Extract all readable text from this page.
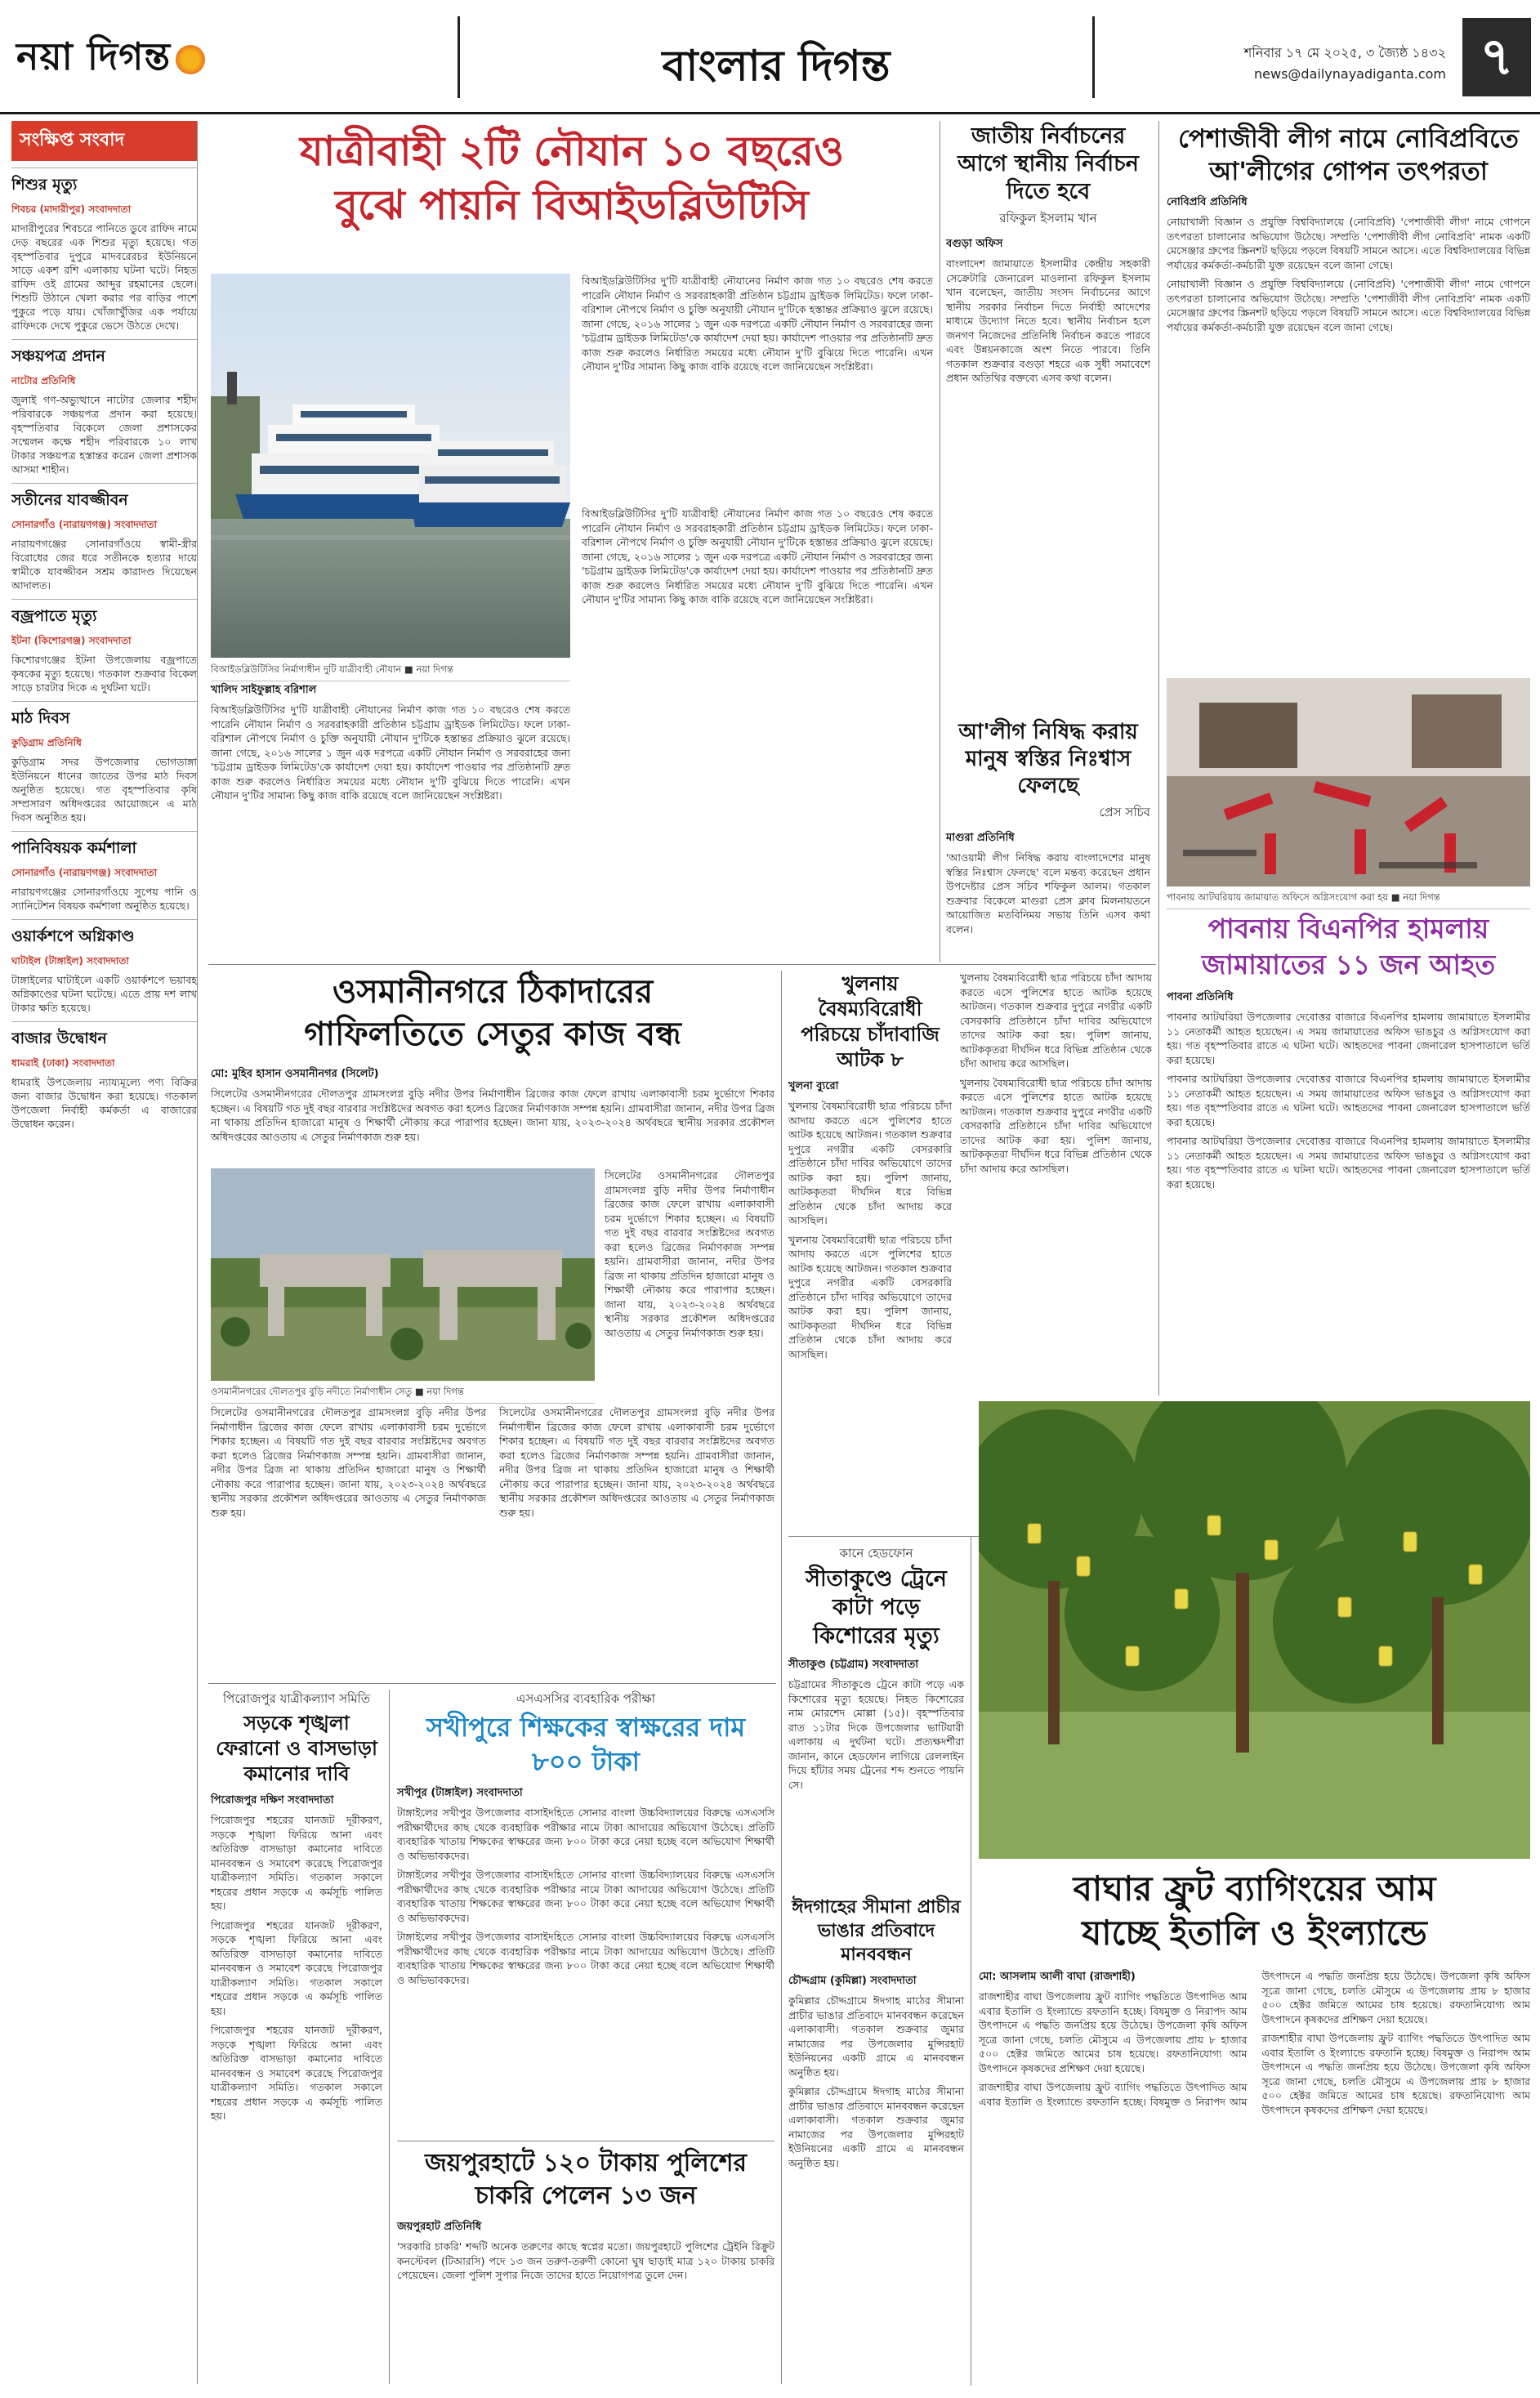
নয়া দিগন্ত	বাংলার দিগন্ত	শনিবার ১৭ মে ২০২৫, ৩ জ্যৈষ্ঠ ১৪৩২
news@dailynayadiganta.com ৭
সংক্ষিপ্ত সংবাদ
শিশুর মৃত্যু
শিবচর (মাদারীপুর) সংবাদদাতা
মাদারীপুরের শিবচরে পানিতে ডুবে রাফিদ নামে দেড় বছরের এক শিশুর মৃত্যু হয়েছে। গত বৃহস্পতিবার দুপুরে মাদবরেরচর ইউনিয়নে সাড়ে একশ রশি এলাকায় ঘটনা ঘটে। নিহত রাফিদ ওই গ্রামের আব্দুর রহমানের ছেলে। শিশুটি উঠানে খেলা করার পর বাড়ির পাশে পুকুরে পড়ে যায়। খোঁজাখুঁজির এক পর্যায়ে রাফিদকে দেখে পুকুরে ভেসে উঠতে দেখে।
সঞ্চয়পত্র প্রদান
নাটোর প্রতিনিধি
জুলাই গণ-অভ্যুত্থানে নাটোর জেলার শহীদ পরিবারকে সঞ্চয়পত্র প্রদান করা হয়েছে। বৃহস্পতিবার বিকেলে জেলা প্রশাসকের সম্মেলন কক্ষে শহীদ পরিবারকে ১০ লাখ টাকার সঞ্চয়পত্র হস্তান্তর করেন জেলা প্রশাসক আসমা শাহীন।
সতীনের যাবজ্জীবন
সোনারগাঁও (নারায়ণগঞ্জ) সংবাদদাতা
নারায়ণগঞ্জের সোনারগাঁওয়ে স্বামী-স্ত্রীর বিরোধের জের ধরে সতীনকে হত্যার দায়ে স্বামীকে যাবজ্জীবন সশ্রম কারাদণ্ড দিয়েছেন আদালত।
বজ্রপাতে মৃত্যু
ইটনা (কিশোরগঞ্জ) সংবাদদাতা
কিশোরগঞ্জের ইটনা উপজেলায় বজ্রপাতে কৃষকের মৃত্যু হয়েছে। গতকাল শুক্রবার বিকেল সাড়ে চারটার দিকে এ দুর্ঘটনা ঘটে।
মাঠ দিবস
কুড়িগ্রাম প্রতিনিধি
কুড়িগ্রাম সদর উপজেলার ভোগডাঙ্গা ইউনিয়নে ধানের জাতের উপর মাঠ দিবস অনুষ্ঠিত হয়েছে। গত বৃহস্পতিবার কৃষি সম্প্রসারণ অধিদপ্তরের আয়োজনে এ মাঠ দিবস অনুষ্ঠিত হয়।
পানিবিষয়ক কর্মশালা
সোনারগাঁও (নারায়ণগঞ্জ) সংবাদদাতা
নারায়ণগঞ্জের সোনারগাঁওয়ে সুপেয় পানি ও স্যানিটেশন বিষয়ক কর্মশালা অনুষ্ঠিত হয়েছে।
ওয়ার্কশপে অগ্নিকাণ্ড
ঘাটাইল (টাঙ্গাইল) সংবাদদাতা
টাঙ্গাইলের ঘাটাইলে একটি ওয়ার্কশপে ভয়াবহ অগ্নিকাণ্ডের ঘটনা ঘটেছে। এতে প্রায় দশ লাখ টাকার ক্ষতি হয়েছে।
বাজার উদ্বোধন
ধামরাই (ঢাকা) সংবাদদাতা
ধামরাই উপজেলায় ন্যায্যমূল্যে পণ্য বিক্রির জন্য বাজার উদ্বোধন করা হয়েছে। গতকাল উপজেলা নির্বাহী কর্মকর্তা এ বাজারের উদ্বোধন করেন।
যাত্রীবাহী ২টি নৌযান ১০ বছরেও
বুঝে পায়নি বিআইডব্লিউটিসি
বিআইডব্লিউটিসির নির্মাণাধীন দুটি যাত্রীবাহী নৌযান ■ নয়া দিগন্ত
খালিদ সাইফুল্লাহ বরিশাল
বিআইডব্লিউটিসির দু'টি যাত্রীবাহী নৌযানের নির্মাণ কাজ গত ১০ বছরেও শেষ করতে পারেনি নৌযান নির্মাণ ও সরবরাহকারী প্রতিষ্ঠান চট্টগ্রাম ড্রাইডক লিমিটেড। ফলে ঢাকা-বরিশাল নৌপথে নির্মাণ ও চুক্তি অনুযায়ী নৌযান দু'টিকে হস্তান্তর প্রক্রিয়াও ঝুলে রয়েছে। জানা গেছে, ২০১৬ সালের ১ জুন এক দরপত্রে একটি নৌযান নির্মাণ ও সরবরাহের জন্য 'চট্টগ্রাম ড্রাইডক লিমিটেড'কে কার্যাদেশ দেয়া হয়। কার্যাদেশ পাওয়ার পর প্রতিষ্ঠানটি দ্রুত কাজ শুরু করলেও নির্ধারিত সময়ের মধ্যে নৌযান দু'টি বুঝিয়ে দিতে পারেনি। এখন নৌযান দু'টির সামান্য কিছু কাজ বাকি রয়েছে বলে জানিয়েছেন সংশ্লিষ্টরা।
বিআইডব্লিউটিসির দু'টি যাত্রীবাহী নৌযানের নির্মাণ কাজ গত ১০ বছরেও শেষ করতে পারেনি নৌযান নির্মাণ ও সরবরাহকারী প্রতিষ্ঠান চট্টগ্রাম ড্রাইডক লিমিটেড। ফলে ঢাকা-বরিশাল নৌপথে নির্মাণ ও চুক্তি অনুযায়ী নৌযান দু'টিকে হস্তান্তর প্রক্রিয়াও ঝুলে রয়েছে। জানা গেছে, ২০১৬ সালের ১ জুন এক দরপত্রে একটি নৌযান নির্মাণ ও সরবরাহের জন্য 'চট্টগ্রাম ড্রাইডক লিমিটেড'কে কার্যাদেশ দেয়া হয়। কার্যাদেশ পাওয়ার পর প্রতিষ্ঠানটি দ্রুত কাজ শুরু করলেও নির্ধারিত সময়ের মধ্যে নৌযান দু'টি বুঝিয়ে দিতে পারেনি। এখন নৌযান দু'টির সামান্য কিছু কাজ বাকি রয়েছে বলে জানিয়েছেন সংশ্লিষ্টরা।
বিআইডব্লিউটিসির দু'টি যাত্রীবাহী নৌযানের নির্মাণ কাজ গত ১০ বছরেও শেষ করতে পারেনি নৌযান নির্মাণ ও সরবরাহকারী প্রতিষ্ঠান চট্টগ্রাম ড্রাইডক লিমিটেড। ফলে ঢাকা-বরিশাল নৌপথে নির্মাণ ও চুক্তি অনুযায়ী নৌযান দু'টিকে হস্তান্তর প্রক্রিয়াও ঝুলে রয়েছে। জানা গেছে, ২০১৬ সালের ১ জুন এক দরপত্রে একটি নৌযান নির্মাণ ও সরবরাহের জন্য 'চট্টগ্রাম ড্রাইডক লিমিটেড'কে কার্যাদেশ দেয়া হয়। কার্যাদেশ পাওয়ার পর প্রতিষ্ঠানটি দ্রুত কাজ শুরু করলেও নির্ধারিত সময়ের মধ্যে নৌযান দু'টি বুঝিয়ে দিতে পারেনি। এখন নৌযান দু'টির সামান্য কিছু কাজ বাকি রয়েছে বলে জানিয়েছেন সংশ্লিষ্টরা।
জাতীয় নির্বাচনের আগে স্থানীয় নির্বাচন দিতে হবে
রফিকুল ইসলাম খান
বগুড়া অফিস
বাংলাদেশ জামায়াতে ইসলামীর কেন্দ্রীয় সহকারী সেক্রেটারি জেনারেল মাওলানা রফিকুল ইসলাম খান বলেছেন, জাতীয় সংসদ নির্বাচনের আগে স্থানীয় সরকার নির্বাচন দিতে নির্বাহী আদেশের মাধ্যমে উদ্যোগ নিতে হবে। স্থানীয় নির্বাচন হলে জনগণ নিজেদের প্রতিনিধি নির্বাচন করতে পারবে এবং উন্নয়নকাজে অংশ নিতে পারবে। তিনি গতকাল শুক্রবার বগুড়া শহরে এক সুধী সমাবেশে প্রধান অতিথির বক্তব্যে এসব কথা বলেন।
আ'লীগ নিষিদ্ধ করায় মানুষ স্বস্তির নিঃশ্বাস ফেলছে
প্রেস সচিব
মাগুরা প্রতিনিধি
'আওয়ামী লীগ নিষিদ্ধ করায় বাংলাদেশের মানুষ স্বস্তির নিঃশ্বাস ফেলছে' বলে মন্তব্য করেছেন প্রধান উপদেষ্টার প্রেস সচিব শফিকুল আলম। গতকাল শুক্রবার বিকেলে মাগুরা প্রেস ক্লাব মিলনায়তনে আয়োজিত মতবিনিময় সভায় তিনি এসব কথা বলেন।
পেশাজীবী লীগ নামে নোবিপ্রবিতে আ'লীগের গোপন তৎপরতা
নোবিপ্রবি প্রতিনিধি
নোয়াখালী বিজ্ঞান ও প্রযুক্তি বিশ্ববিদ্যালয়ে (নোবিপ্রবি) 'পেশাজীবী লীগ' নামে গোপনে তৎপরতা চালানোর অভিযোগ উঠেছে। সম্প্রতি 'পেশাজীবী লীগ নোবিপ্রবি' নামক একটি মেসেঞ্জার গ্রুপের স্ক্রিনশট ছড়িয়ে পড়লে বিষয়টি সামনে আসে। এতে বিশ্ববিদ্যালয়ের বিভিন্ন পর্যায়ের কর্মকর্তা-কর্মচারী যুক্ত রয়েছেন বলে জানা গেছে।
নোয়াখালী বিজ্ঞান ও প্রযুক্তি বিশ্ববিদ্যালয়ে (নোবিপ্রবি) 'পেশাজীবী লীগ' নামে গোপনে তৎপরতা চালানোর অভিযোগ উঠেছে। সম্প্রতি 'পেশাজীবী লীগ নোবিপ্রবি' নামক একটি মেসেঞ্জার গ্রুপের স্ক্রিনশট ছড়িয়ে পড়লে বিষয়টি সামনে আসে। এতে বিশ্ববিদ্যালয়ের বিভিন্ন পর্যায়ের কর্মকর্তা-কর্মচারী যুক্ত রয়েছেন বলে জানা গেছে।
পাবনায় আটঘরিয়ায় জামায়াত অফিসে অগ্নিসংযোগ করা হয় ■ নয়া দিগন্ত
পাবনায় বিএনপির হামলায় জামায়াতের ১১ জন আহত
পাবনা প্রতিনিধি
পাবনার আটঘরিয়া উপজেলার দেবোত্তর বাজারে বিএনপির হামলায় জামায়াতে ইসলামীর ১১ নেতাকর্মী আহত হয়েছেন। এ সময় জামায়াতের অফিস ভাঙচুর ও অগ্নিসংযোগ করা হয়। গত বৃহস্পতিবার রাতে এ ঘটনা ঘটে। আহতদের পাবনা জেনারেল হাসপাতালে ভর্তি করা হয়েছে।
পাবনার আটঘরিয়া উপজেলার দেবোত্তর বাজারে বিএনপির হামলায় জামায়াতে ইসলামীর ১১ নেতাকর্মী আহত হয়েছেন। এ সময় জামায়াতের অফিস ভাঙচুর ও অগ্নিসংযোগ করা হয়। গত বৃহস্পতিবার রাতে এ ঘটনা ঘটে। আহতদের পাবনা জেনারেল হাসপাতালে ভর্তি করা হয়েছে।
পাবনার আটঘরিয়া উপজেলার দেবোত্তর বাজারে বিএনপির হামলায় জামায়াতে ইসলামীর ১১ নেতাকর্মী আহত হয়েছেন। এ সময় জামায়াতের অফিস ভাঙচুর ও অগ্নিসংযোগ করা হয়। গত বৃহস্পতিবার রাতে এ ঘটনা ঘটে। আহতদের পাবনা জেনারেল হাসপাতালে ভর্তি করা হয়েছে।
ওসমানীনগরে ঠিকাদারের
গাফিলতিতে সেতুর কাজ বন্ধ
মো: মুহিব হাসান ওসমানীনগর (সিলেট)
সিলেটের ওসমানীনগরের দৌলতপুর গ্রামসংলগ্ন বুড়ি নদীর উপর নির্মাণাধীন ব্রিজের কাজ ফেলে রাখায় এলাকাবাসী চরম দুর্ভোগে শিকার হচ্ছেন। এ বিষয়টি গত দুই বছর বারবার সংশ্লিষ্টদের অবগত করা হলেও ব্রিজের নির্মাণকাজ সম্পন্ন হয়নি। গ্রামবাসীরা জানান, নদীর উপর ব্রিজ না থাকায় প্রতিদিন হাজারো মানুষ ও শিক্ষার্থী নৌকায় করে পারাপার হচ্ছেন। জানা যায়, ২০২৩-২০২৪ অর্থবছরে স্থানীয় সরকার প্রকৌশল অধিদপ্তরের আওতায় এ সেতুর নির্মাণকাজ শুরু হয়।
ওসমানীনগরের দৌলতপুর বুড়ি নদীতে নির্মাণাধীন সেতু ■ নয়া দিগন্ত
সিলেটের ওসমানীনগরের দৌলতপুর গ্রামসংলগ্ন বুড়ি নদীর উপর নির্মাণাধীন ব্রিজের কাজ ফেলে রাখায় এলাকাবাসী চরম দুর্ভোগে শিকার হচ্ছেন। এ বিষয়টি গত দুই বছর বারবার সংশ্লিষ্টদের অবগত করা হলেও ব্রিজের নির্মাণকাজ সম্পন্ন হয়নি। গ্রামবাসীরা জানান, নদীর উপর ব্রিজ না থাকায় প্রতিদিন হাজারো মানুষ ও শিক্ষার্থী নৌকায় করে পারাপার হচ্ছেন। জানা যায়, ২০২৩-২০২৪ অর্থবছরে স্থানীয় সরকার প্রকৌশল অধিদপ্তরের আওতায় এ সেতুর নির্মাণকাজ শুরু হয়।
সিলেটের ওসমানীনগরের দৌলতপুর গ্রামসংলগ্ন বুড়ি নদীর উপর নির্মাণাধীন ব্রিজের কাজ ফেলে রাখায় এলাকাবাসী চরম দুর্ভোগে শিকার হচ্ছেন। এ বিষয়টি গত দুই বছর বারবার সংশ্লিষ্টদের অবগত করা হলেও ব্রিজের নির্মাণকাজ সম্পন্ন হয়নি। গ্রামবাসীরা জানান, নদীর উপর ব্রিজ না থাকায় প্রতিদিন হাজারো মানুষ ও শিক্ষার্থী নৌকায় করে পারাপার হচ্ছেন। জানা যায়, ২০২৩-২০২৪ অর্থবছরে স্থানীয় সরকার প্রকৌশল অধিদপ্তরের আওতায় এ সেতুর নির্মাণকাজ শুরু হয়।
সিলেটের ওসমানীনগরের দৌলতপুর গ্রামসংলগ্ন বুড়ি নদীর উপর নির্মাণাধীন ব্রিজের কাজ ফেলে রাখায় এলাকাবাসী চরম দুর্ভোগে শিকার হচ্ছেন। এ বিষয়টি গত দুই বছর বারবার সংশ্লিষ্টদের অবগত করা হলেও ব্রিজের নির্মাণকাজ সম্পন্ন হয়নি। গ্রামবাসীরা জানান, নদীর উপর ব্রিজ না থাকায় প্রতিদিন হাজারো মানুষ ও শিক্ষার্থী নৌকায় করে পারাপার হচ্ছেন। জানা যায়, ২০২৩-২০২৪ অর্থবছরে স্থানীয় সরকার প্রকৌশল অধিদপ্তরের আওতায় এ সেতুর নির্মাণকাজ শুরু হয়।
খুলনায় বৈষম্যবিরোধী পরিচয়ে চাঁদাবাজি আটক ৮
খুলনা ব্যুরো
খুলনায় বৈষম্যবিরোধী ছাত্র পরিচয়ে চাঁদা আদায় করতে এসে পুলিশের হাতে আটক হয়েছে আটজন। গতকাল শুক্রবার দুপুরে নগরীর একটি বেসরকারি প্রতিষ্ঠানে চাঁদা দাবির অভিযোগে তাদের আটক করা হয়। পুলিশ জানায়, আটককৃতরা দীর্ঘদিন ধরে বিভিন্ন প্রতিষ্ঠান থেকে চাঁদা আদায় করে আসছিল।
খুলনায় বৈষম্যবিরোধী ছাত্র পরিচয়ে চাঁদা আদায় করতে এসে পুলিশের হাতে আটক হয়েছে আটজন। গতকাল শুক্রবার দুপুরে নগরীর একটি বেসরকারি প্রতিষ্ঠানে চাঁদা দাবির অভিযোগে তাদের আটক করা হয়। পুলিশ জানায়, আটককৃতরা দীর্ঘদিন ধরে বিভিন্ন প্রতিষ্ঠান থেকে চাঁদা আদায় করে আসছিল।
খুলনায় বৈষম্যবিরোধী ছাত্র পরিচয়ে চাঁদা আদায় করতে এসে পুলিশের হাতে আটক হয়েছে আটজন। গতকাল শুক্রবার দুপুরে নগরীর একটি বেসরকারি প্রতিষ্ঠানে চাঁদা দাবির অভিযোগে তাদের আটক করা হয়। পুলিশ জানায়, আটককৃতরা দীর্ঘদিন ধরে বিভিন্ন প্রতিষ্ঠান থেকে চাঁদা আদায় করে আসছিল।
খুলনায় বৈষম্যবিরোধী ছাত্র পরিচয়ে চাঁদা আদায় করতে এসে পুলিশের হাতে আটক হয়েছে আটজন। গতকাল শুক্রবার দুপুরে নগরীর একটি বেসরকারি প্রতিষ্ঠানে চাঁদা দাবির অভিযোগে তাদের আটক করা হয়। পুলিশ জানায়, আটককৃতরা দীর্ঘদিন ধরে বিভিন্ন প্রতিষ্ঠান থেকে চাঁদা আদায় করে আসছিল।
কানে হেডফোন
সীতাকুণ্ডে ট্রেনে কাটা পড়ে কিশোরের মৃত্যু
সীতাকুণ্ড (চট্টগ্রাম) সংবাদদাতা
চট্টগ্রামের সীতাকুণ্ডে ট্রেনে কাটা পড়ে এক কিশোরের মৃত্যু হয়েছে। নিহত কিশোরের নাম মোরশেদ মোল্লা (১৫)। বৃহস্পতিবার রাত ১১টার দিকে উপজেলার ভাটিয়ারী এলাকায় এ দুর্ঘটনা ঘটে। প্রত্যক্ষদর্শীরা জানান, কানে হেডফোন লাগিয়ে রেললাইন দিয়ে হাঁটার সময় ট্রেনের শব্দ শুনতে পায়নি সে।
ঈদগাহের সীমানা প্রাচীর ভাঙার প্রতিবাদে মানববন্ধন
চৌদ্দগ্রাম (কুমিল্লা) সংবাদদাতা
কুমিল্লার চৌদ্দগ্রামে ঈদগাহ মাঠের সীমানা প্রাচীর ভাঙার প্রতিবাদে মানববন্ধন করেছেন এলাকাবাসী। গতকাল শুক্রবার জুমার নামাজের পর উপজেলার মুন্সিরহাট ইউনিয়নের একটি গ্রামে এ মানববন্ধন অনুষ্ঠিত হয়।
কুমিল্লার চৌদ্দগ্রামে ঈদগাহ মাঠের সীমানা প্রাচীর ভাঙার প্রতিবাদে মানববন্ধন করেছেন এলাকাবাসী। গতকাল শুক্রবার জুমার নামাজের পর উপজেলার মুন্সিরহাট ইউনিয়নের একটি গ্রামে এ মানববন্ধন অনুষ্ঠিত হয়।
বাঘার ফ্রুট ব্যাগিংয়ের আম
যাচ্ছে ইতালি ও ইংল্যান্ডে
মো: আসলাম আলী বাঘা (রাজশাহী)
রাজশাহীর বাঘা উপজেলায় ফ্রুট ব্যাগিং পদ্ধতিতে উৎপাদিত আম এবার ইতালি ও ইংল্যান্ডে রফতানি হচ্ছে। বিষমুক্ত ও নিরাপদ আম উৎপাদনে এ পদ্ধতি জনপ্রিয় হয়ে উঠেছে। উপজেলা কৃষি অফিস সূত্রে জানা গেছে, চলতি মৌসুমে এ উপজেলায় প্রায় ৮ হাজার ৫০০ হেক্টর জমিতে আমের চাষ হয়েছে। রফতানিযোগ্য আম উৎপাদনে কৃষকদের প্রশিক্ষণ দেয়া হয়েছে।
রাজশাহীর বাঘা উপজেলায় ফ্রুট ব্যাগিং পদ্ধতিতে উৎপাদিত আম এবার ইতালি ও ইংল্যান্ডে রফতানি হচ্ছে। বিষমুক্ত ও নিরাপদ আম উৎপাদনে এ পদ্ধতি জনপ্রিয় হয়ে উঠেছে। উপজেলা কৃষি অফিস সূত্রে জানা গেছে, চলতি মৌসুমে এ উপজেলায় প্রায় ৮ হাজার ৫০০ হেক্টর জমিতে আমের চাষ হয়েছে। রফতানিযোগ্য আম উৎপাদনে কৃষকদের প্রশিক্ষণ দেয়া হয়েছে।
রাজশাহীর বাঘা উপজেলায় ফ্রুট ব্যাগিং পদ্ধতিতে উৎপাদিত আম এবার ইতালি ও ইংল্যান্ডে রফতানি হচ্ছে। বিষমুক্ত ও নিরাপদ আম উৎপাদনে এ পদ্ধতি জনপ্রিয় হয়ে উঠেছে। উপজেলা কৃষি অফিস সূত্রে জানা গেছে, চলতি মৌসুমে এ উপজেলায় প্রায় ৮ হাজার ৫০০ হেক্টর জমিতে আমের চাষ হয়েছে। রফতানিযোগ্য আম উৎপাদনে কৃষকদের প্রশিক্ষণ দেয়া হয়েছে।
পিরোজপুর যাত্রীকল্যাণ সমিতি
সড়কে শৃঙ্খলা ফেরানো ও বাসভাড়া কমানোর দাবি
পিরোজপুর দক্ষিণ সংবাদদাতা
পিরোজপুর শহরের যানজট দূরীকরণ, সড়কে শৃঙ্খলা ফিরিয়ে আনা এবং অতিরিক্ত বাসভাড়া কমানোর দাবিতে মানববন্ধন ও সমাবেশ করেছে পিরোজপুর যাত্রীকল্যাণ সমিতি। গতকাল সকালে শহরের প্রধান সড়কে এ কর্মসূচি পালিত হয়।
পিরোজপুর শহরের যানজট দূরীকরণ, সড়কে শৃঙ্খলা ফিরিয়ে আনা এবং অতিরিক্ত বাসভাড়া কমানোর দাবিতে মানববন্ধন ও সমাবেশ করেছে পিরোজপুর যাত্রীকল্যাণ সমিতি। গতকাল সকালে শহরের প্রধান সড়কে এ কর্মসূচি পালিত হয়।
পিরোজপুর শহরের যানজট দূরীকরণ, সড়কে শৃঙ্খলা ফিরিয়ে আনা এবং অতিরিক্ত বাসভাড়া কমানোর দাবিতে মানববন্ধন ও সমাবেশ করেছে পিরোজপুর যাত্রীকল্যাণ সমিতি। গতকাল সকালে শহরের প্রধান সড়কে এ কর্মসূচি পালিত হয়।
এসএসসির ব্যবহারিক পরীক্ষা
সখীপুরে শিক্ষকের স্বাক্ষরের দাম ৮০০ টাকা
সখীপুর (টাঙ্গাইল) সংবাদদাতা
টাঙ্গাইলের সখীপুর উপজেলার বাসাইদহিতে সোনার বাংলা উচ্চবিদ্যালয়ের বিরুদ্ধে এসএসসি পরীক্ষার্থীদের কাছ থেকে ব্যবহারিক পরীক্ষার নামে টাকা আদায়ের অভিযোগ উঠেছে। প্রতিটি ব্যবহারিক খাতায় শিক্ষকের স্বাক্ষরের জন্য ৮০০ টাকা করে নেয়া হচ্ছে বলে অভিযোগ শিক্ষার্থী ও অভিভাবকদের।
টাঙ্গাইলের সখীপুর উপজেলার বাসাইদহিতে সোনার বাংলা উচ্চবিদ্যালয়ের বিরুদ্ধে এসএসসি পরীক্ষার্থীদের কাছ থেকে ব্যবহারিক পরীক্ষার নামে টাকা আদায়ের অভিযোগ উঠেছে। প্রতিটি ব্যবহারিক খাতায় শিক্ষকের স্বাক্ষরের জন্য ৮০০ টাকা করে নেয়া হচ্ছে বলে অভিযোগ শিক্ষার্থী ও অভিভাবকদের।
টাঙ্গাইলের সখীপুর উপজেলার বাসাইদহিতে সোনার বাংলা উচ্চবিদ্যালয়ের বিরুদ্ধে এসএসসি পরীক্ষার্থীদের কাছ থেকে ব্যবহারিক পরীক্ষার নামে টাকা আদায়ের অভিযোগ উঠেছে। প্রতিটি ব্যবহারিক খাতায় শিক্ষকের স্বাক্ষরের জন্য ৮০০ টাকা করে নেয়া হচ্ছে বলে অভিযোগ শিক্ষার্থী ও অভিভাবকদের।
জয়পুরহাটে ১২০ টাকায় পুলিশের চাকরি পেলেন ১৩ জন
জয়পুরহাট প্রতিনিধি
'সরকারি চাকরি' শব্দটি অনেক তরুণের কাছে স্বপ্নের মতো। জয়পুরহাটে পুলিশের ট্রেইনি রিক্রুট কনস্টেবল (টিআরসি) পদে ১৩ জন তরুণ-তরুণী কোনো ঘুষ ছাড়াই মাত্র ১২০ টাকায় চাকরি পেয়েছেন। জেলা পুলিশ সুপার নিজে তাদের হাতে নিয়োগপত্র তুলে দেন।
